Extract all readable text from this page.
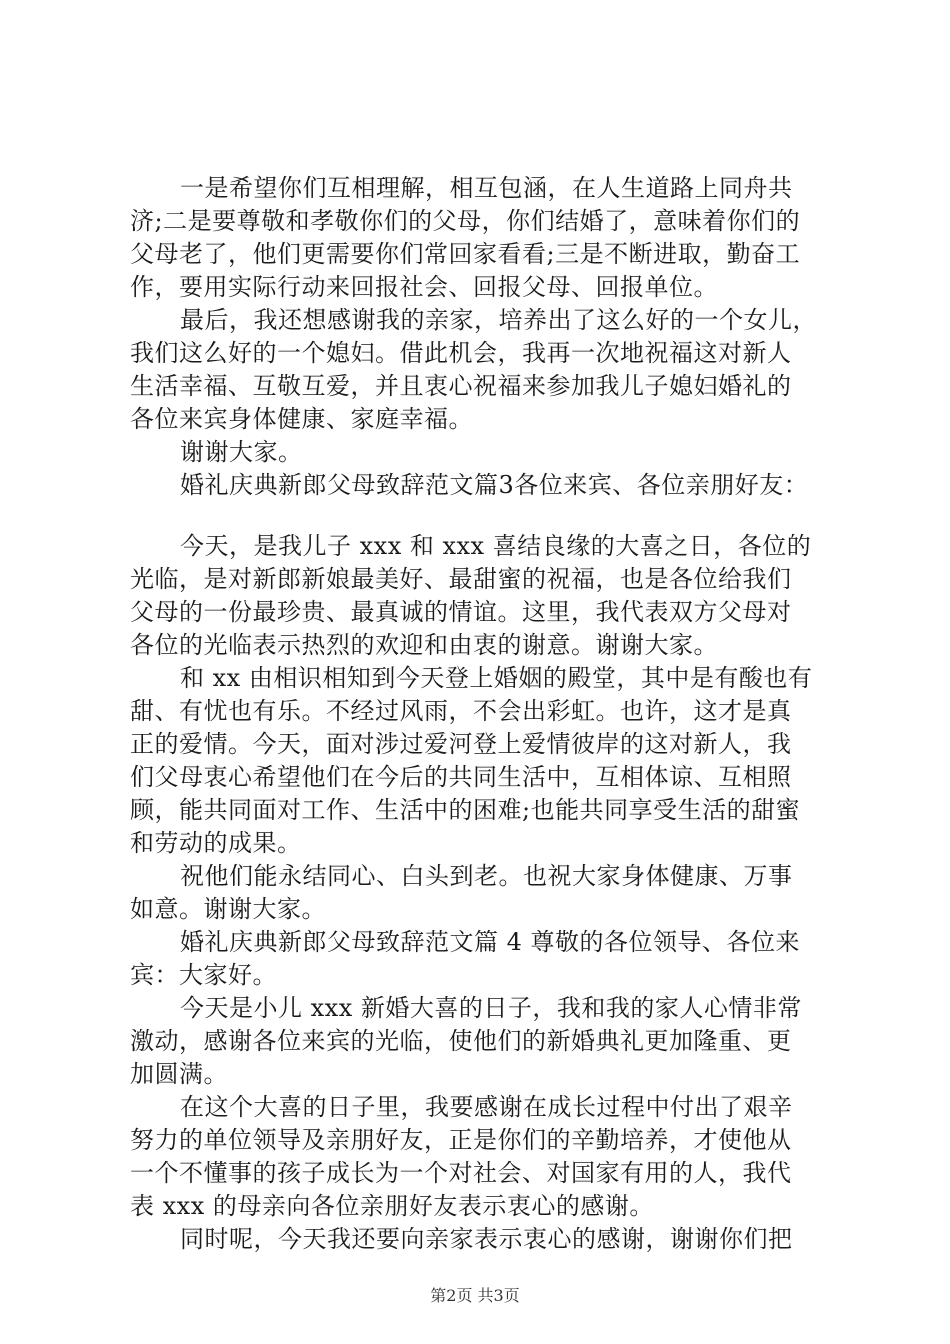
一是希望你们互相理解，相互包涵，在人生道路上同舟共
济;二是要尊敬和孝敬你们的父母，你们结婚了，意味着你们的
父母老了，他们更需要你们常回家看看;三是不断进取，勤奋工
作，要用实际行动来回报社会、回报父母、回报单位。
最后，我还想感谢我的亲家，培养出了这么好的一个女儿，
我们这么好的一个媳妇。借此机会，我再一次地祝福这对新人
生活幸福、互敬互爱，并且衷心祝福来参加我儿子媳妇婚礼的
各位来宾身体健康、家庭幸福。
谢谢大家。
婚礼庆典新郎父母致辞范文篇3各位来宾、各位亲朋好友：
今天，是我儿子 xxx 和 xxx 喜结良缘的大喜之日，各位的
光临，是对新郎新娘最美好、最甜蜜的祝福，也是各位给我们
父母的一份最珍贵、最真诚的情谊。这里，我代表双方父母对
各位的光临表示热烈的欢迎和由衷的谢意。谢谢大家。
和 xx 由相识相知到今天登上婚姻的殿堂，其中是有酸也有
甜、有忧也有乐。不经过风雨，不会出彩虹。也许，这才是真
正的爱情。今天，面对涉过爱河登上爱情彼岸的这对新人，我
们父母衷心希望他们在今后的共同生活中，互相体谅、互相照
顾，能共同面对工作、生活中的困难;也能共同享受生活的甜蜜
和劳动的成果。
祝他们能永结同心、白头到老。也祝大家身体健康、万事
如意。谢谢大家。
婚礼庆典新郎父母致辞范文篇 4 尊敬的各位领导、各位来
宾：大家好。
今天是小儿 xxx 新婚大喜的日子，我和我的家人心情非常
激动，感谢各位来宾的光临，使他们的新婚典礼更加隆重、更
加圆满。
在这个大喜的日子里，我要感谢在成长过程中付出了艰辛
努力的单位领导及亲朋好友，正是你们的辛勤培养，才使他从
一个不懂事的孩子成长为一个对社会、对国家有用的人，我代
表 xxx 的母亲向各位亲朋好友表示衷心的感谢。
同时呢，今天我还要向亲家表示衷心的感谢，谢谢你们把
第2页 共3页
